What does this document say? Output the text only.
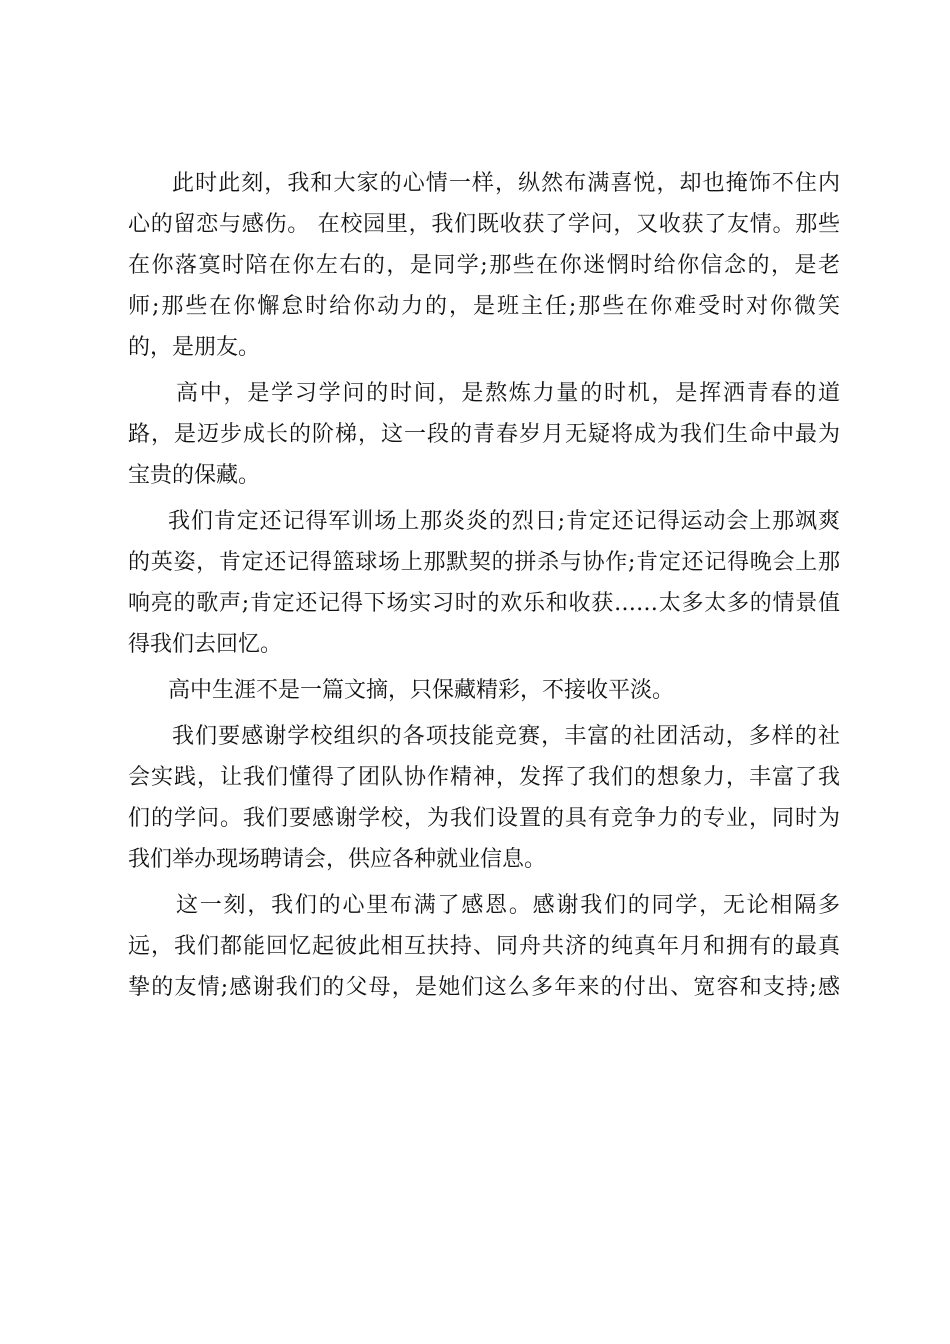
此时此刻，我和大家的心情一样，纵然布满喜悦，却也掩饰不住内
心的留恋与感伤。 在校园里，我们既收获了学问，又收获了友情。那些
在你落寞时陪在你左右的，是同学;那些在你迷惘时给你信念的，是老
师;那些在你懈怠时给你动力的，是班主任;那些在你难受时对你微笑
的，是朋友。
高中，是学习学问的时间，是熬炼力量的时机，是挥洒青春的道
路，是迈步成长的阶梯，这一段的青春岁月无疑将成为我们生命中最为
宝贵的保藏。
我们肯定还记得军训场上那炎炎的烈日;肯定还记得运动会上那飒爽
的英姿，肯定还记得篮球场上那默契的拼杀与协作;肯定还记得晚会上那
响亮的歌声;肯定还记得下场实习时的欢乐和收获……太多太多的情景值
得我们去回忆。
高中生涯不是一篇文摘，只保藏精彩，不接收平淡。
我们要感谢学校组织的各项技能竞赛，丰富的社团活动，多样的社
会实践，让我们懂得了团队协作精神，发挥了我们的想象力，丰富了我
们的学问。我们要感谢学校，为我们设置的具有竞争力的专业，同时为
我们举办现场聘请会，供应各种就业信息。
这一刻，我们的心里布满了感恩。感谢我们的同学，无论相隔多
远，我们都能回忆起彼此相互扶持、同舟共济的纯真年月和拥有的最真
挚的友情;感谢我们的父母，是她们这么多年来的付出、宽容和支持;感
